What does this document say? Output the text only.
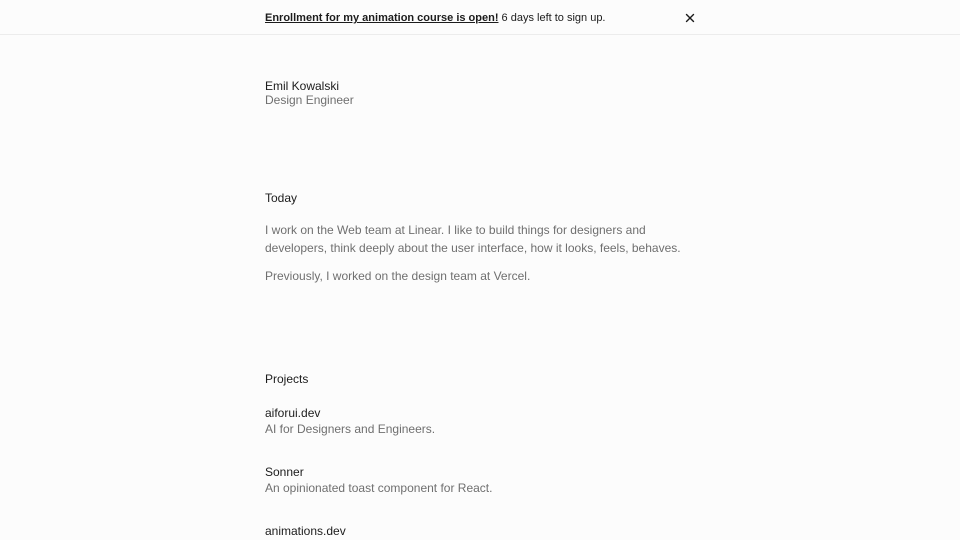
Enrollment for my animation course is open! 6 days left to sign up.
Emil Kowalski
Design Engineer
Today

I work on the Web team at Linear. I like to build things for designers and developers, think deeply about the user interface, how it looks, feels, behaves.

Previously, I worked on the design team at Vercel.

Projects
aiforui.dev
AI for Designers and Engineers.
Sonner
An opinionated toast component for React.
animations.dev
